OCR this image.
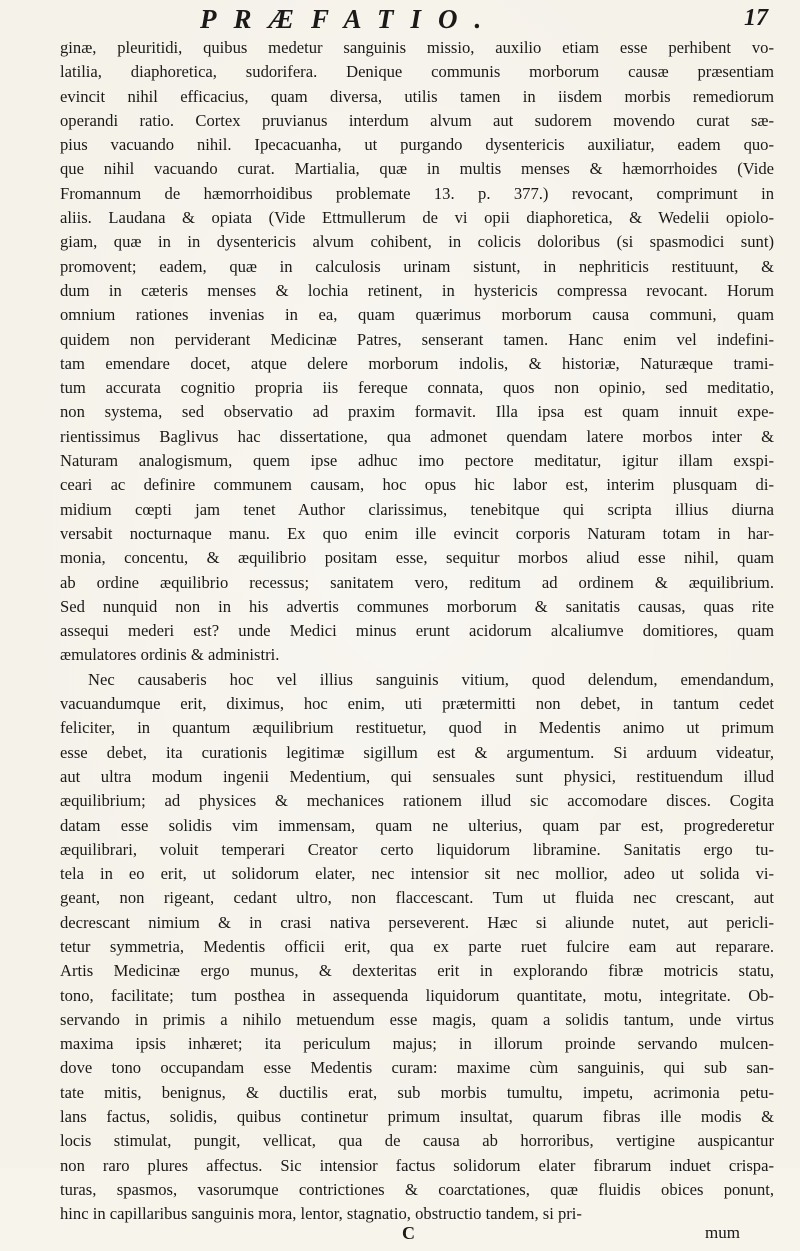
PRÆFATIO.	17
ginæ, pleuritidi, quibus medetur sanguinis missio, auxilio etiam esse perhibent vo-
latilia, diaphoretica, sudorifera. Denique communis morborum causæ præsentiam
evincit nihil efficacius, quam diversa, utilis tamen in iisdem morbis remediorum
operandi ratio. Cortex pruvianus interdum alvum aut sudorem movendo curat sæ-
pius vacuando nihil. Ipecacuanha, ut purgando dysentericis auxiliatur, eadem quo-
que nihil vacuando curat. Martialia, quæ in multis menses & hæmorrhoides (Vide
Fromannum de hæmorrhoidibus problemate 13. p. 377.) revocant, comprimunt in
aliis. Laudana & opiata (Vide Ettmullerum de vi opii diaphoretica, & Wedelii opiolo-
giam, quæ in in dysentericis alvum cohibent, in colicis doloribus (si spasmodici sunt)
promovent; eadem, quæ in calculosis urinam sistunt, in nephriticis restituunt, &
dum in cæteris menses & lochia retinent, in hystericis compressa revocant. Horum
omnium rationes invenias in ea, quam quærimus morborum causa communi, quam
quidem non perviderant Medicinæ Patres, senserant tamen. Hanc enim vel indefini-
tam emendare docet, atque delere morborum indolis, & historiæ, Naturæque trami-
tum accurata cognitio propria iis fereque connata, quos non opinio, sed meditatio,
non systema, sed observatio ad praxim formavit. Illa ipsa est quam innuit expe-
rientissimus Baglivus hac dissertatione, qua admonet quendam latere morbos inter &
Naturam analogismum, quem ipse adhuc imo pectore meditatur, igitur illam exspi-
ceari ac definire communem causam, hoc opus hic labor est, interim plusquam di-
midium cœpti jam tenet Author clarissimus, tenebitque qui scripta illius diurna
versabit nocturnaque manu. Ex quo enim ille evincit corporis Naturam totam in har-
monia, concentu, & æquilibrio positam esse, sequitur morbos aliud esse nihil, quam
ab ordine æquilibrio recessus; sanitatem vero, reditum ad ordinem & æquilibrium.
Sed nunquid non in his advertis communes morborum & sanitatis causas, quas rite
assequi mederi est? unde Medici minus erunt acidorum alcaliumve domitiores, quam
æmulatores ordinis & administri.
Nec causaberis hoc vel illius sanguinis vitium, quod delendum, emendandum,
vacuandumque erit, diximus, hoc enim, uti prætermitti non debet, in tantum cedet
feliciter, in quantum æquilibrium restituetur, quod in Medentis animo ut primum
esse debet, ita curationis legitimæ sigillum est & argumentum. Si arduum videatur,
aut ultra modum ingenii Medentium, qui sensuales sunt physici, restituendum illud
æquilibrium; ad physices & mechanices rationem illud sic accomodare disces. Cogita
datam esse solidis vim immensam, quam ne ulterius, quam par est, progrederetur
æquilibrari, voluit temperari Creator certo liquidorum libramine. Sanitatis ergo tu-
tela in eo erit, ut solidorum elater, nec intensior sit nec mollior, adeo ut solida vi-
geant, non rigeant, cedant ultro, non flaccescant. Tum ut fluida nec crescant, aut
decrescant nimium & in crasi nativa perseverent. Hæc si aliunde nutet, aut pericli-
tetur symmetria, Medentis officii erit, qua ex parte ruet fulcire eam aut reparare.
Artis Medicinæ ergo munus, & dexteritas erit in explorando fibræ motricis statu,
tono, facilitate; tum posthea in assequenda liquidorum quantitate, motu, integritate. Ob-
servando in primis a nihilo metuendum esse magis, quam a solidis tantum, unde virtus
maxima ipsis inhæret; ita periculum majus; in illorum proinde servando mulcen-
dove tono occupandam esse Medentis curam: maxime cùm sanguinis, qui sub san-
tate mitis, benignus, & ductilis erat, sub morbis tumultu, impetu, acrimonia petu-
lans factus, solidis, quibus continetur primum insultat, quarum fibras ille modis &
locis stimulat, pungit, vellicat, qua de causa ab horroribus, vertigine auspicantur
non raro plures affectus. Sic intensior factus solidorum elater fibrarum induet crispa-
turas, spasmos, vasorumque contrictiones & coarctationes, quæ fluidis obices ponunt,
hinc in capillaribus sanguinis mora, lentor, stagnatio, obstructio tandem, si pri-
C	mum
